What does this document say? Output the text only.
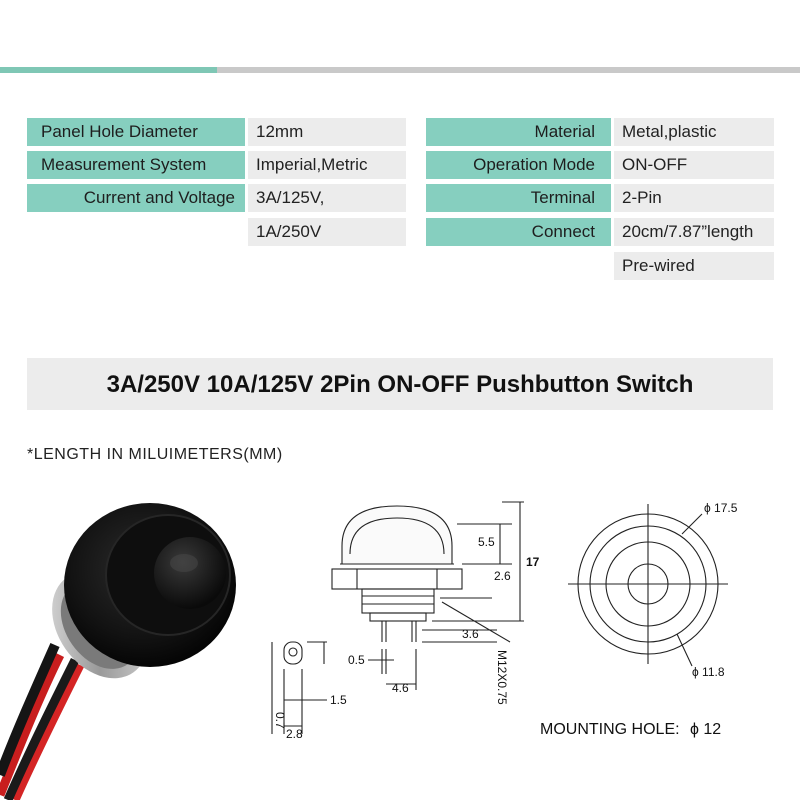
Panel Hole Diameter	12mm
Measurement System	Imperial,Metric
Current and Voltage	3A/125V,
1A/250V
Material	Metal,plastic
Operation Mode	ON-OFF
Terminal	2-Pin
Connect	20cm/7.87”length
Pre-wired
3A/250V 10A/125V 2Pin ON-OFF Pushbutton Switch
*LENGTH IN MILUIMETERS(MM)
5.5
17
2.6
3.6
0.5
4.6
1.5
0.7
2.8
M12X0.75
ϕ 17.5
ϕ 11.8
MOUNTING HOLE: ϕ 12
